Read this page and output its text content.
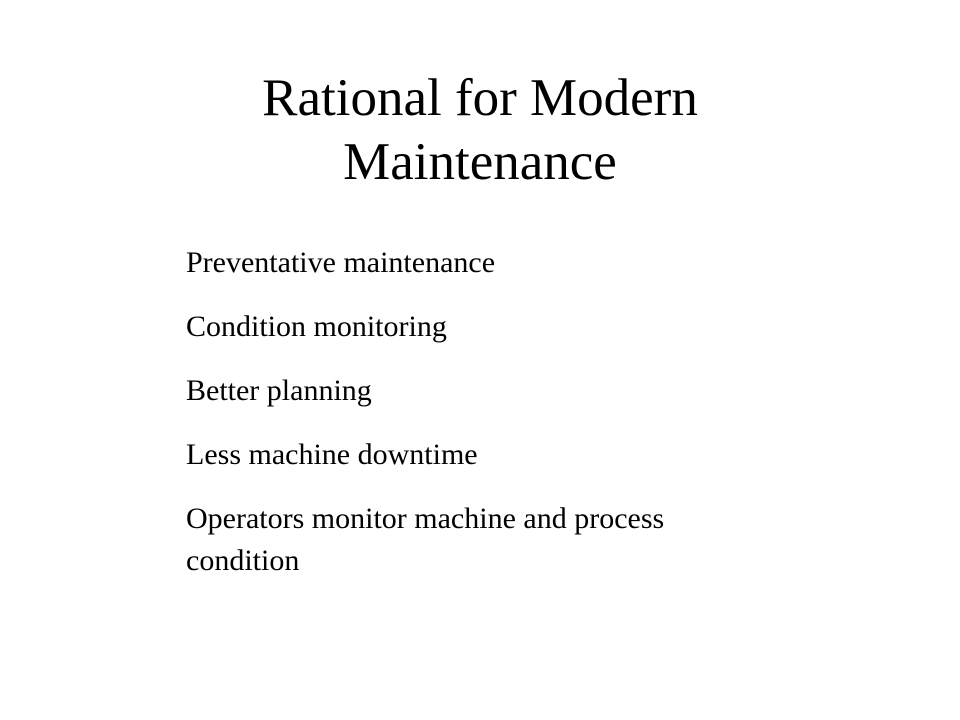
Rational for Modern
Maintenance
Preventative maintenance
Condition monitoring
Better planning
Less machine downtime
Operators monitor machine and process condition
